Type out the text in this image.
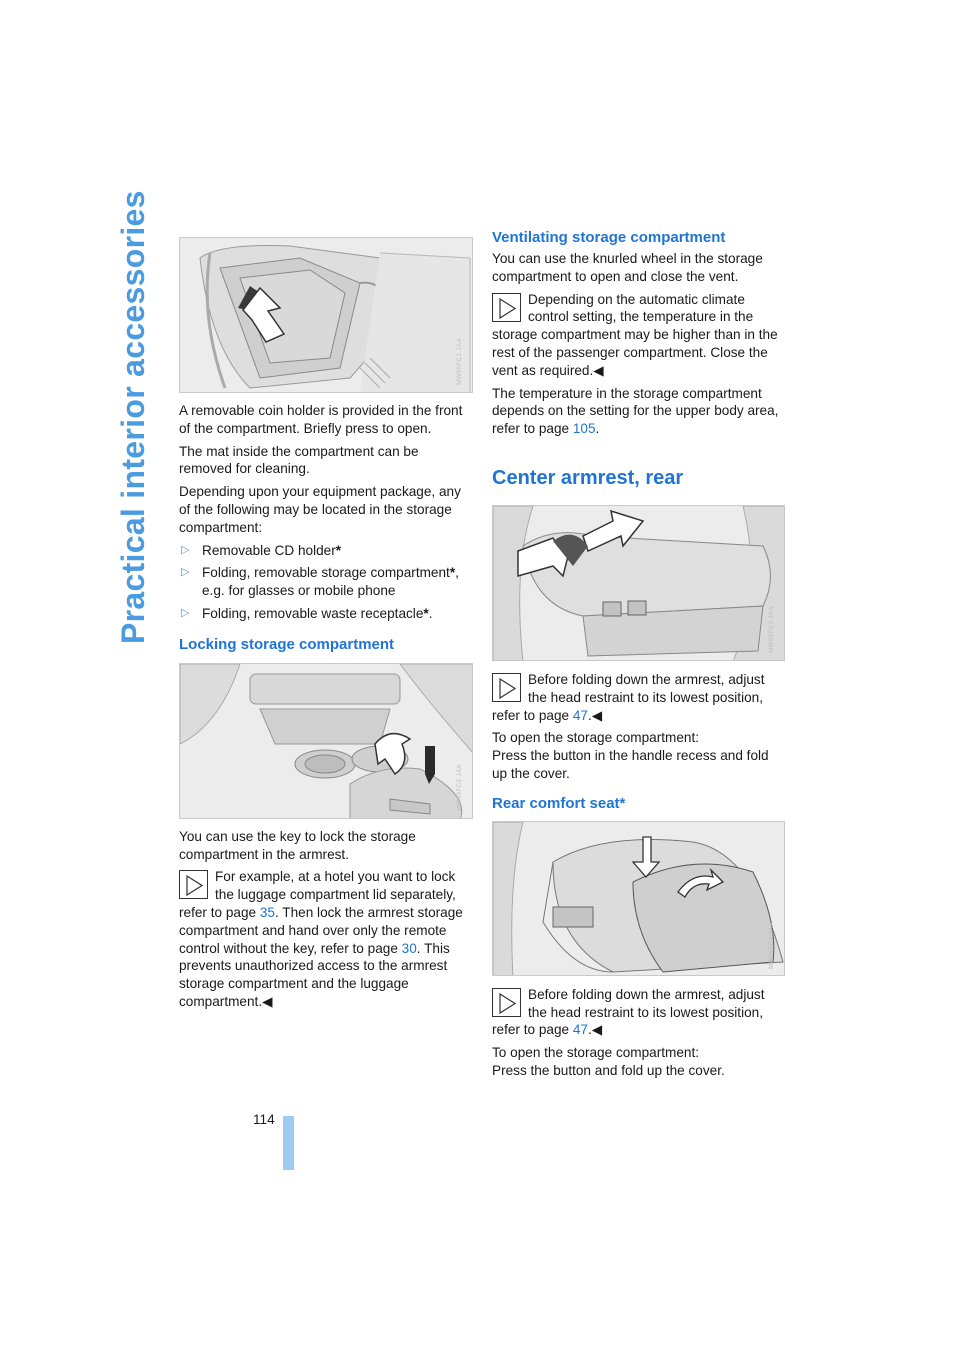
Practical interior accessories	MW09FC1 JAA

A removable coin holder is provided in the front of the compartment. Briefly press to open.

The mat inside the compartment can be removed for cleaning.

Depending upon your equipment package, any of the following may be located in the storage compartment:

▷ Removable CD holder*
▷ Folding, removable storage compartment*, e.g. for glasses or mobile phone
▷ Folding, removable waste receptacle*.
Locking storage compartment
MW09FC2 JAA

You can use the key to lock the storage compartment in the armrest.

For example, at a hotel you want to lock the luggage compartment lid separately, refer to page 35. Then lock the armrest storage compartment and hand over only the remote control without the key, refer to page 30. This prevents unauthorized access to the armrest storage compartment and the luggage compartment.◀

Ventilating storage compartment

You can use the knurled wheel in the storage compartment to open and close the vent.

Depending on the automatic climate control setting, the temperature in the storage compartment may be higher than in the rest of the passenger compartment. Close the vent as required.◀

The temperature in the storage compartment depends on the setting for the upper body area, refer to page 105.

Center armrest, rear
MW09FC3 JAA

Before folding down the armrest, adjust the head restraint to its lowest position, refer to page 47.◀

To open the storage compartment:

Press the button in the handle recess and fold up the cover.

Rear comfort seat*
MW09FC4 JAA

Before folding down the armrest, adjust the head restraint to its lowest position, refer to page 47.◀

To open the storage compartment:

Press the button and fold up the cover.

114
